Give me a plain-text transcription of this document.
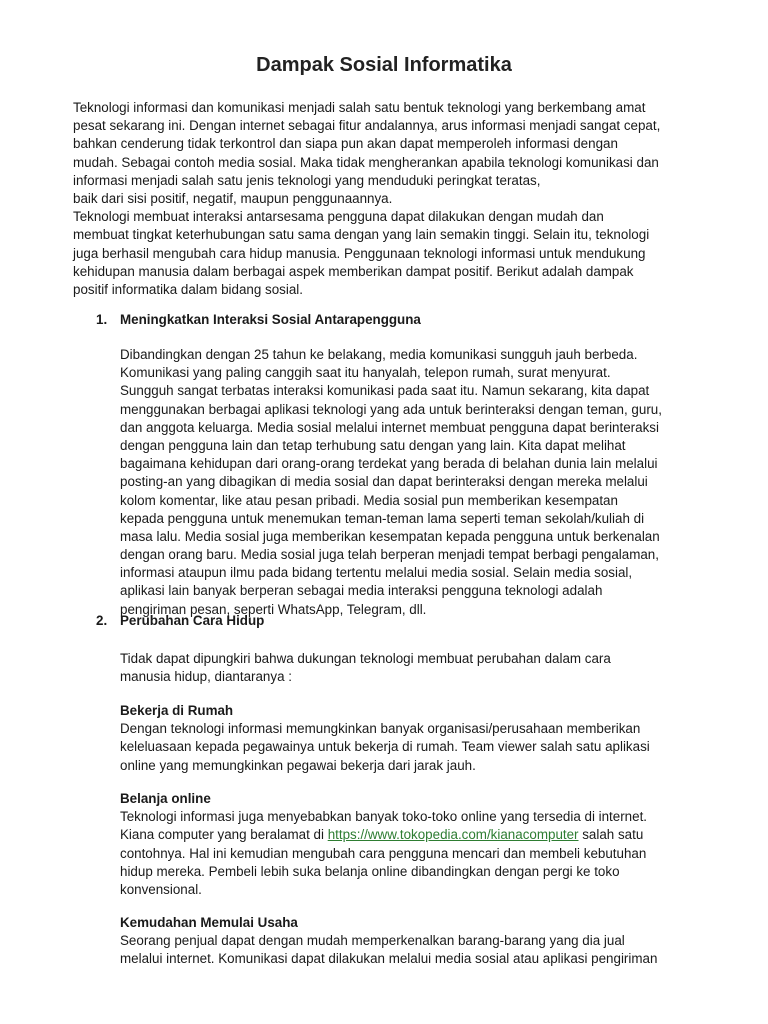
Dampak Sosial Informatika
Teknologi informasi dan komunikasi menjadi salah satu bentuk teknologi yang berkembang amat
pesat sekarang ini. Dengan internet sebagai fitur andalannya, arus informasi menjadi sangat cepat,
bahkan cenderung tidak terkontrol dan siapa pun akan dapat memperoleh informasi dengan
mudah. Sebagai contoh media sosial. Maka tidak mengherankan apabila teknologi komunikasi dan
informasi menjadi salah satu jenis teknologi yang menduduki peringkat teratas,
baik dari sisi positif, negatif, maupun penggunaannya.
Teknologi membuat interaksi antarsesama pengguna dapat dilakukan dengan mudah dan
membuat tingkat keterhubungan satu sama dengan yang lain semakin tinggi. Selain itu, teknologi
juga berhasil mengubah cara hidup manusia. Penggunaan teknologi informasi untuk mendukung
kehidupan manusia dalam berbagai aspek memberikan dampat positif. Berikut adalah dampak
positif informatika dalam bidang sosial.
1. Meningkatkan Interaksi Sosial Antarapengguna
Dibandingkan dengan 25 tahun ke belakang, media komunikasi sungguh jauh berbeda.
Komunikasi yang paling canggih saat itu hanyalah, telepon rumah, surat menyurat.
Sungguh sangat terbatas interaksi komunikasi pada saat itu. Namun sekarang, kita dapat
menggunakan berbagai aplikasi teknologi yang ada untuk berinteraksi dengan teman, guru,
dan anggota keluarga. Media sosial melalui internet membuat pengguna dapat berinteraksi
dengan pengguna lain dan tetap terhubung satu dengan yang lain. Kita dapat melihat
bagaimana kehidupan dari orang-orang terdekat yang berada di belahan dunia lain melalui
posting-an yang dibagikan di media sosial dan dapat berinteraksi dengan mereka melalui
kolom komentar, like atau pesan pribadi. Media sosial pun memberikan kesempatan
kepada pengguna untuk menemukan teman-teman lama seperti teman sekolah/kuliah di
masa lalu. Media sosial juga memberikan kesempatan kepada pengguna untuk berkenalan
dengan orang baru. Media sosial juga telah berperan menjadi tempat berbagi pengalaman,
informasi ataupun ilmu pada bidang tertentu melalui media sosial. Selain media sosial,
aplikasi lain banyak berperan sebagai media interaksi pengguna teknologi adalah
pengiriman pesan, seperti WhatsApp, Telegram, dll.
2. Perubahan Cara Hidup
Tidak dapat dipungkiri bahwa dukungan teknologi membuat perubahan dalam cara
manusia hidup, diantaranya :
Bekerja di Rumah
Dengan teknologi informasi memungkinkan banyak organisasi/perusahaan memberikan
keleluasaan kepada pegawainya untuk bekerja di rumah. Team viewer salah satu aplikasi
online yang memungkinkan pegawai bekerja dari jarak jauh.
Belanja online
Teknologi informasi juga menyebabkan banyak toko-toko online yang tersedia di internet.
Kiana computer yang beralamat di https://www.tokopedia.com/kianacomputer salah satu
contohnya. Hal ini kemudian mengubah cara pengguna mencari dan membeli kebutuhan
hidup mereka. Pembeli lebih suka belanja online dibandingkan dengan pergi ke toko
konvensional.
Kemudahan Memulai Usaha
Seorang penjual dapat dengan mudah memperkenalkan barang-barang yang dia jual
melalui internet. Komunikasi dapat dilakukan melalui media sosial atau aplikasi pengiriman
